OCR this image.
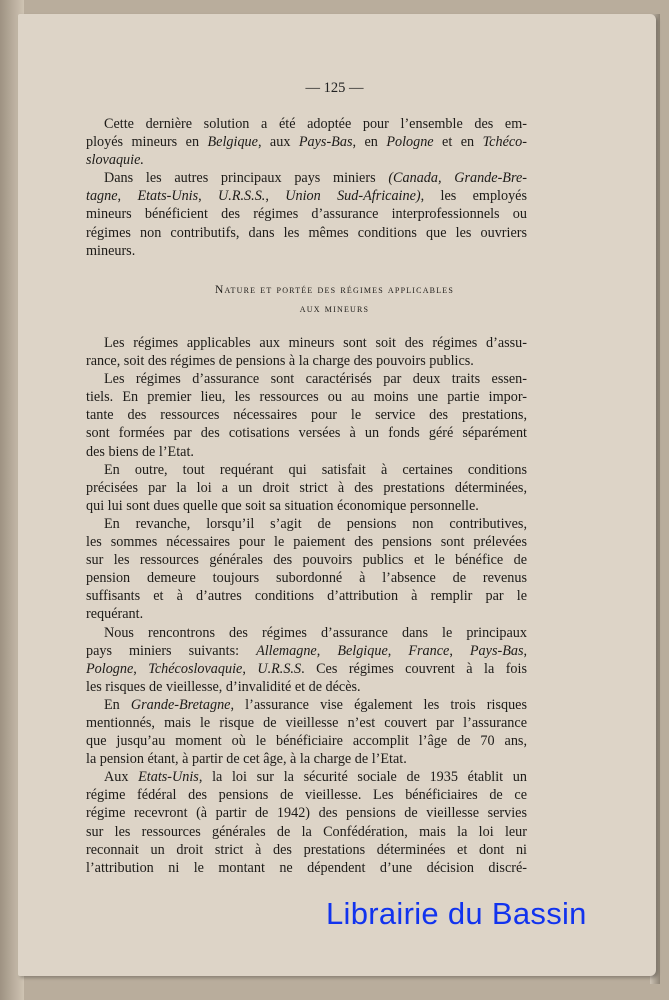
— 125 —
Cette dernière solution a été adoptée pour l’ensemble des em-
ployés mineurs en Belgique, aux Pays-Bas, en Pologne et en Tchéco-
slovaquie.
Dans les autres principaux pays miniers (Canada, Grande-Bre-
tagne, Etats-Unis, U.R.S.S., Union Sud-Africaine), les employés
mineurs bénéficient des régimes d’assurance interprofessionnels ou
régimes non contributifs, dans les mêmes conditions que les ouvriers
mineurs.
Nature et portée des régimes applicables
aux mineurs
Les régimes applicables aux mineurs sont soit des régimes d’assu-
rance, soit des régimes de pensions à la charge des pouvoirs publics.
Les régimes d’assurance sont caractérisés par deux traits essen-
tiels. En premier lieu, les ressources ou au moins une partie impor-
tante des ressources nécessaires pour le service des prestations,
sont formées par des cotisations versées à un fonds géré séparément
des biens de l’Etat.
En outre, tout requérant qui satisfait à certaines conditions
précisées par la loi a un droit strict à des prestations déterminées,
qui lui sont dues quelle que soit sa situation économique personnelle.
En revanche, lorsqu’il s’agit de pensions non contributives,
les sommes nécessaires pour le paiement des pensions sont prélevées
sur les ressources générales des pouvoirs publics et le bénéfice de
pension demeure toujours subordonné à l’absence de revenus
suffisants et à d’autres conditions d’attribution à remplir par le
requérant.
Nous rencontrons des régimes d’assurance dans le principaux
pays miniers suivants: Allemagne, Belgique, France, Pays-Bas,
Pologne, Tchécoslovaquie, U.R.S.S. Ces régimes couvrent à la fois
les risques de vieillesse, d’invalidité et de décès.
En Grande-Bretagne, l’assurance vise également les trois risques
mentionnés, mais le risque de vieillesse n’est couvert par l’assurance
que jusqu’au moment où le bénéficiaire accomplit l’âge de 70 ans,
la pension étant, à partir de cet âge, à la charge de l’Etat.
Aux Etats-Unis, la loi sur la sécurité sociale de 1935 établit un
régime fédéral des pensions de vieillesse. Les bénéficiaires de ce
régime recevront (à partir de 1942) des pensions de vieillesse servies
sur les ressources générales de la Confédération, mais la loi leur
reconnait un droit strict à des prestations déterminées et dont ni
l’attribution ni le montant ne dépendent d’une décision discré-
Librairie du Bassin
